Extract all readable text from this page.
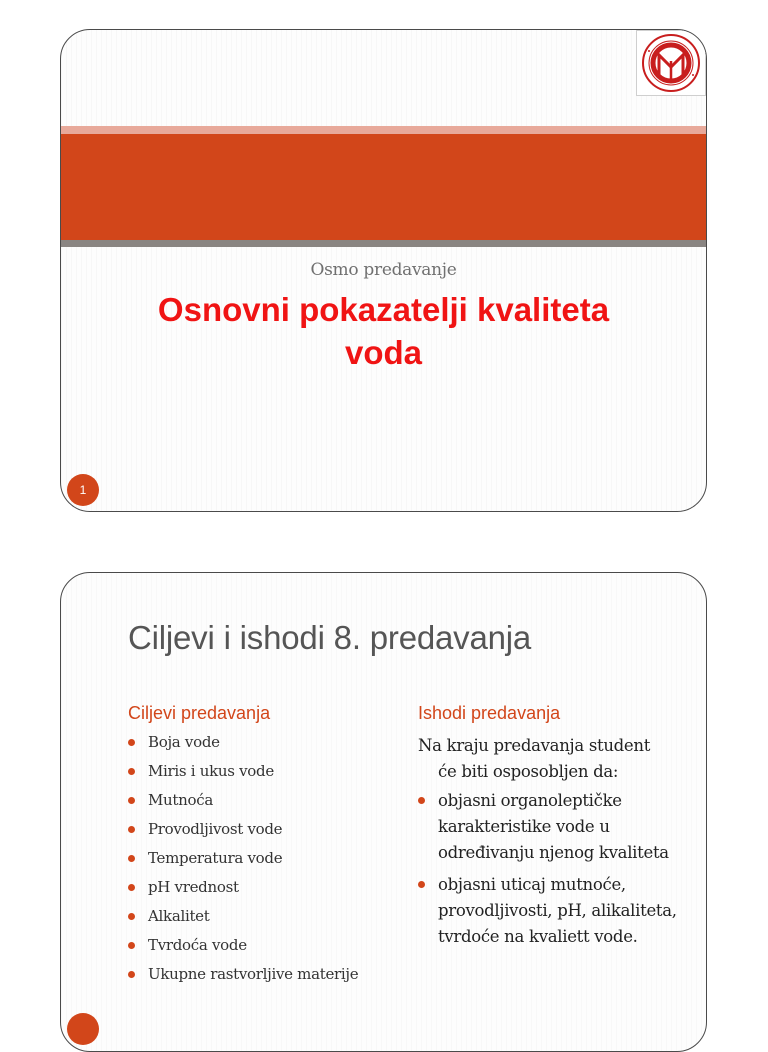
Osmo predavanje
Osnovni pokazatelji kvaliteta
voda
1
Ciljevi i ishodi 8. predavanja
Ciljevi predavanja
Boja vode
Miris i ukus vode
Mutnoća
Provodljivost vode
Temperatura vode
pH vrednost
Alkalitet
Tvrdoća vode
Ukupne rastvorljive materije
Ishodi predavanja
Na kraju predavanja student
će biti osposobljen da:
objasni organoleptičke karakteristike vode u određivanju njenog kvaliteta
objasni uticaj mutnoće, provodljivosti, pH, alikaliteta, tvrdoće na kvaliett vode.
